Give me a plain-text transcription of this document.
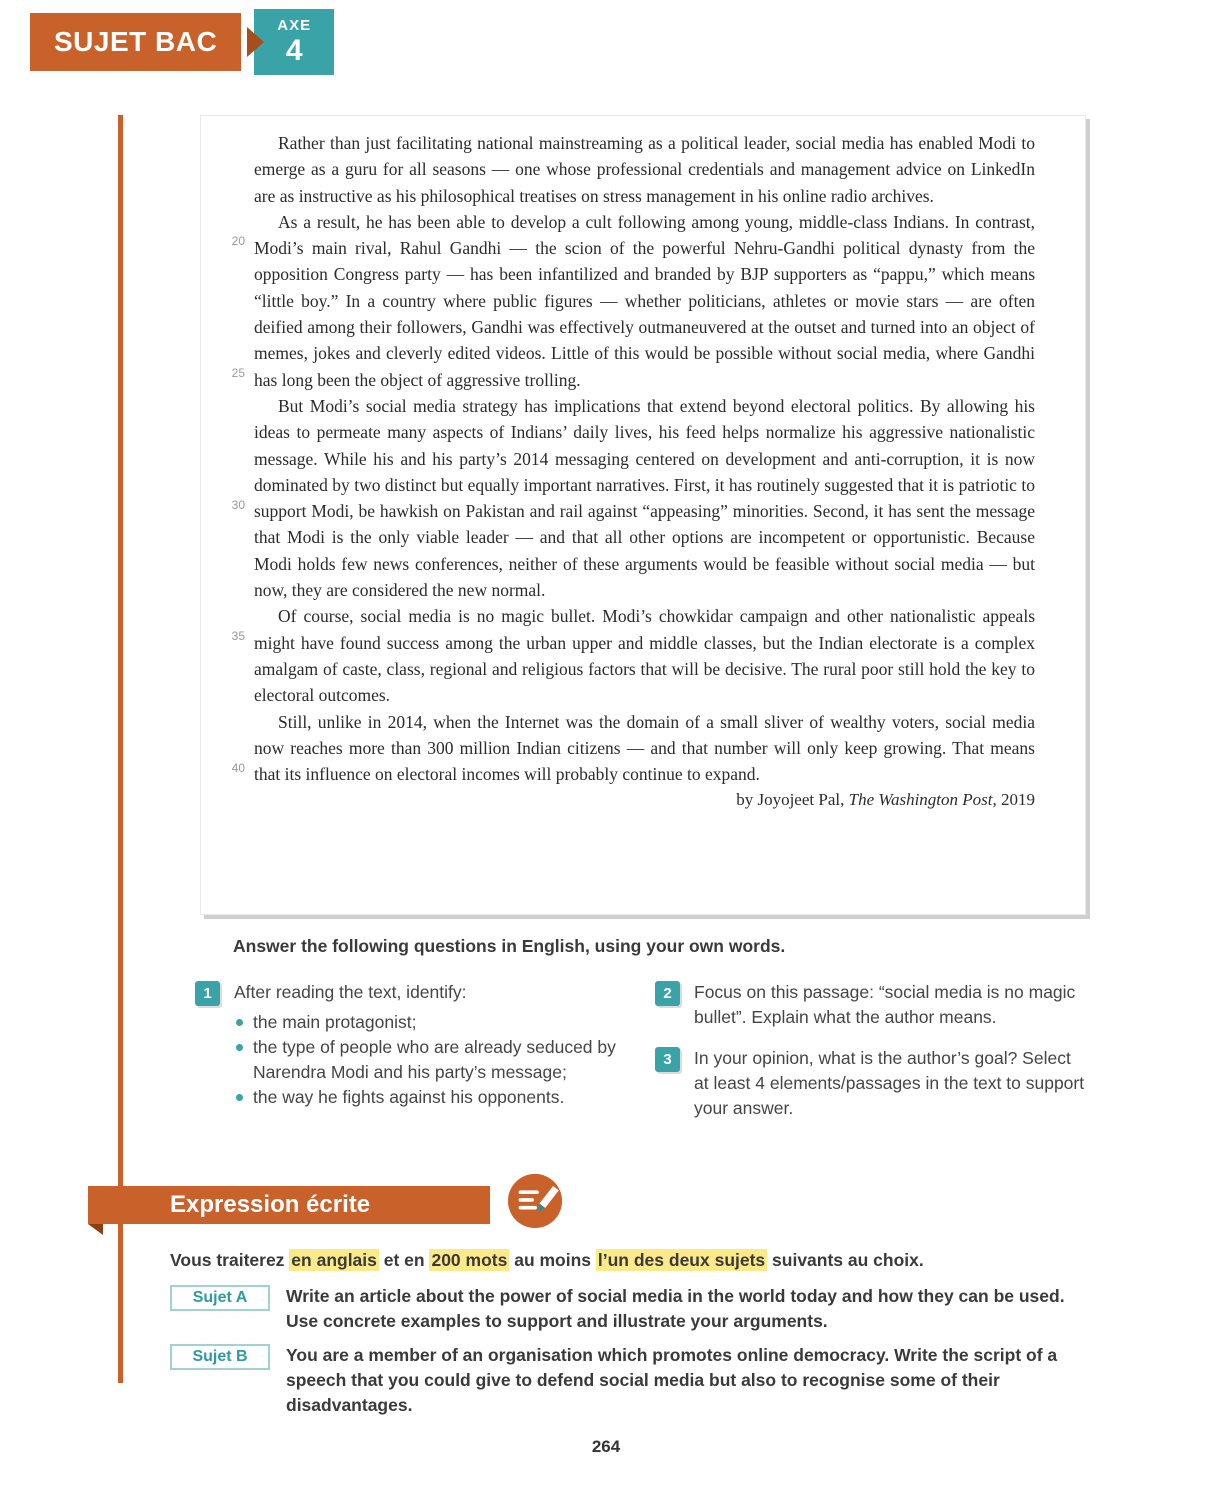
SUJET BAC
AXE
4
20
25
30
35
40

Rather than just facilitating national mainstreaming as a political leader, social media has enabled Modi to emerge as a guru for all seasons — one whose professional credentials and management advice on LinkedIn are as instructive as his philosophical treatises on stress management in his online radio archives.

As a result, he has been able to develop a cult following among young, middle-class Indians. In contrast, Modi’s main rival, Rahul Gandhi — the scion of the powerful Nehru-Gandhi political dynasty from the opposition Congress party — has been infantilized and branded by BJP supporters as “pappu,” which means “little boy.” In a country where public figures — whether politicians, athletes or movie stars — are often deified among their followers, Gandhi was effectively outmaneuvered at the outset and turned into an object of memes, jokes and cleverly edited videos. Little of this would be possible without social media, where Gandhi has long been the object of aggressive trolling.

But Modi’s social media strategy has implications that extend beyond electoral politics. By allowing his ideas to permeate many aspects of Indians’ daily lives, his feed helps normalize his aggressive nationalistic message. While his and his party’s 2014 messaging centered on development and anti-corruption, it is now dominated by two distinct but equally important narratives. First, it has routinely suggested that it is patriotic to support Modi, be hawkish on Pakistan and rail against “appeasing” minorities. Second, it has sent the message that Modi is the only viable leader — and that all other options are incompetent or opportunistic. Because Modi holds few news conferences, neither of these arguments would be feasible without social media — but now, they are considered the new normal.

Of course, social media is no magic bullet. Modi’s chowkidar campaign and other nationalistic appeals might have found success among the urban upper and middle classes, but the Indian electorate is a complex amalgam of caste, class, regional and religious factors that will be decisive. The rural poor still hold the key to electoral outcomes.

Still, unlike in 2014, when the Internet was the domain of a small sliver of wealthy voters, social media now reaches more than 300 million Indian citizens — and that number will only keep growing. That means that its influence on electoral incomes will probably continue to expand.

by Joyojeet Pal, The Washington Post, 2019

Answer the following questions in English, using your own words.
1	After reading the text, identify:
the main protagonist;
the type of people who are already seduced by Narendra Modi and his party’s message;
the way he fights against his opponents.
2	Focus on this passage: “social media is no magic bullet”. Explain what the author means.
3	In your opinion, what is the author’s goal? Select at least 4 elements/passages in the text to support your answer.
Expression écrite
Vous traiterez en anglais et en 200 mots au moins l’un des deux sujets suivants au choix.
Sujet A	Write an article about the power of social media in the world today and how they can be used. Use concrete examples to support and illustrate your arguments.
Sujet B	You are a member of an organisation which promotes online democracy. Write the script of a speech that you could give to defend social media but also to recognise some of their disadvantages.
264
